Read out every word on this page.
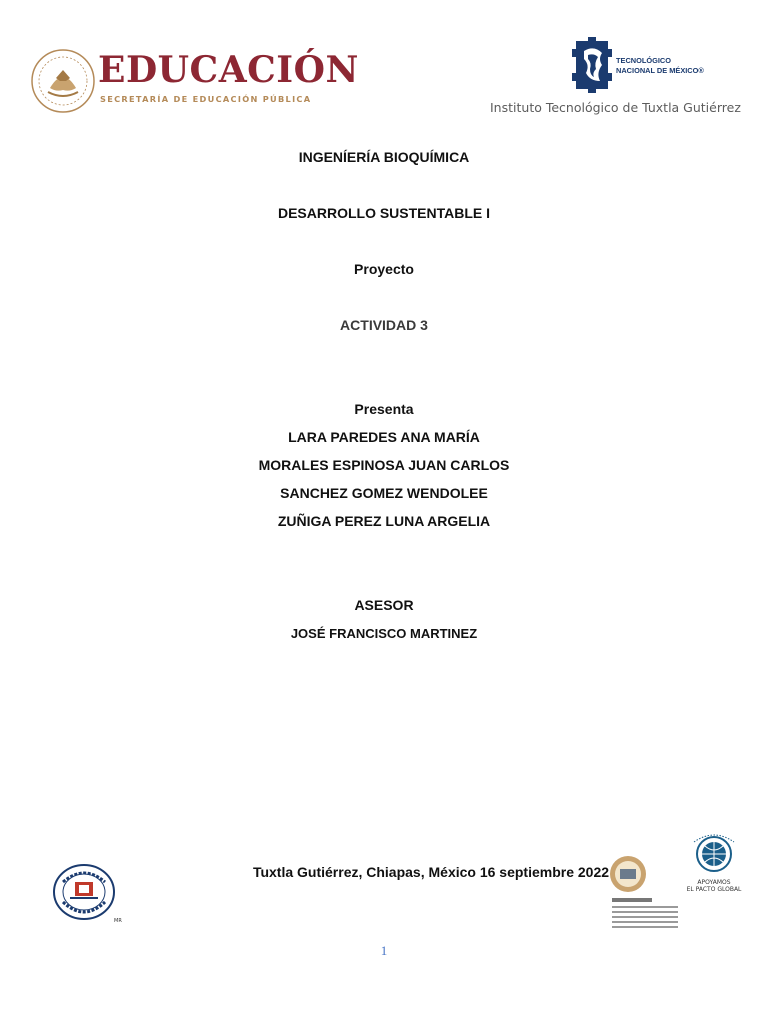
EDUCACIÓN
SECRETARÍA DE EDUCACIÓN PÚBLICA
TECNOLÓGICO
NACIONAL DE MÉXICO®
Instituto Tecnológico de Tuxtla Gutiérrez
INGENÍERÍA BIOQUÍMICA
DESARROLLO SUSTENTABLE I
Proyecto
ACTIVIDAD 3
Presenta
LARA PAREDES ANA MARÍA
MORALES ESPINOSA JUAN CARLOS
SANCHEZ GOMEZ WENDOLEE
ZUÑIGA PEREZ LUNA ARGELIA
ASESOR
JOSÉ FRANCISCO MARTINEZ
MR
Tuxtla Gutiérrez, Chiapas, México 16 septiembre 2022
APOYAMOS
EL PACTO GLOBAL
1
